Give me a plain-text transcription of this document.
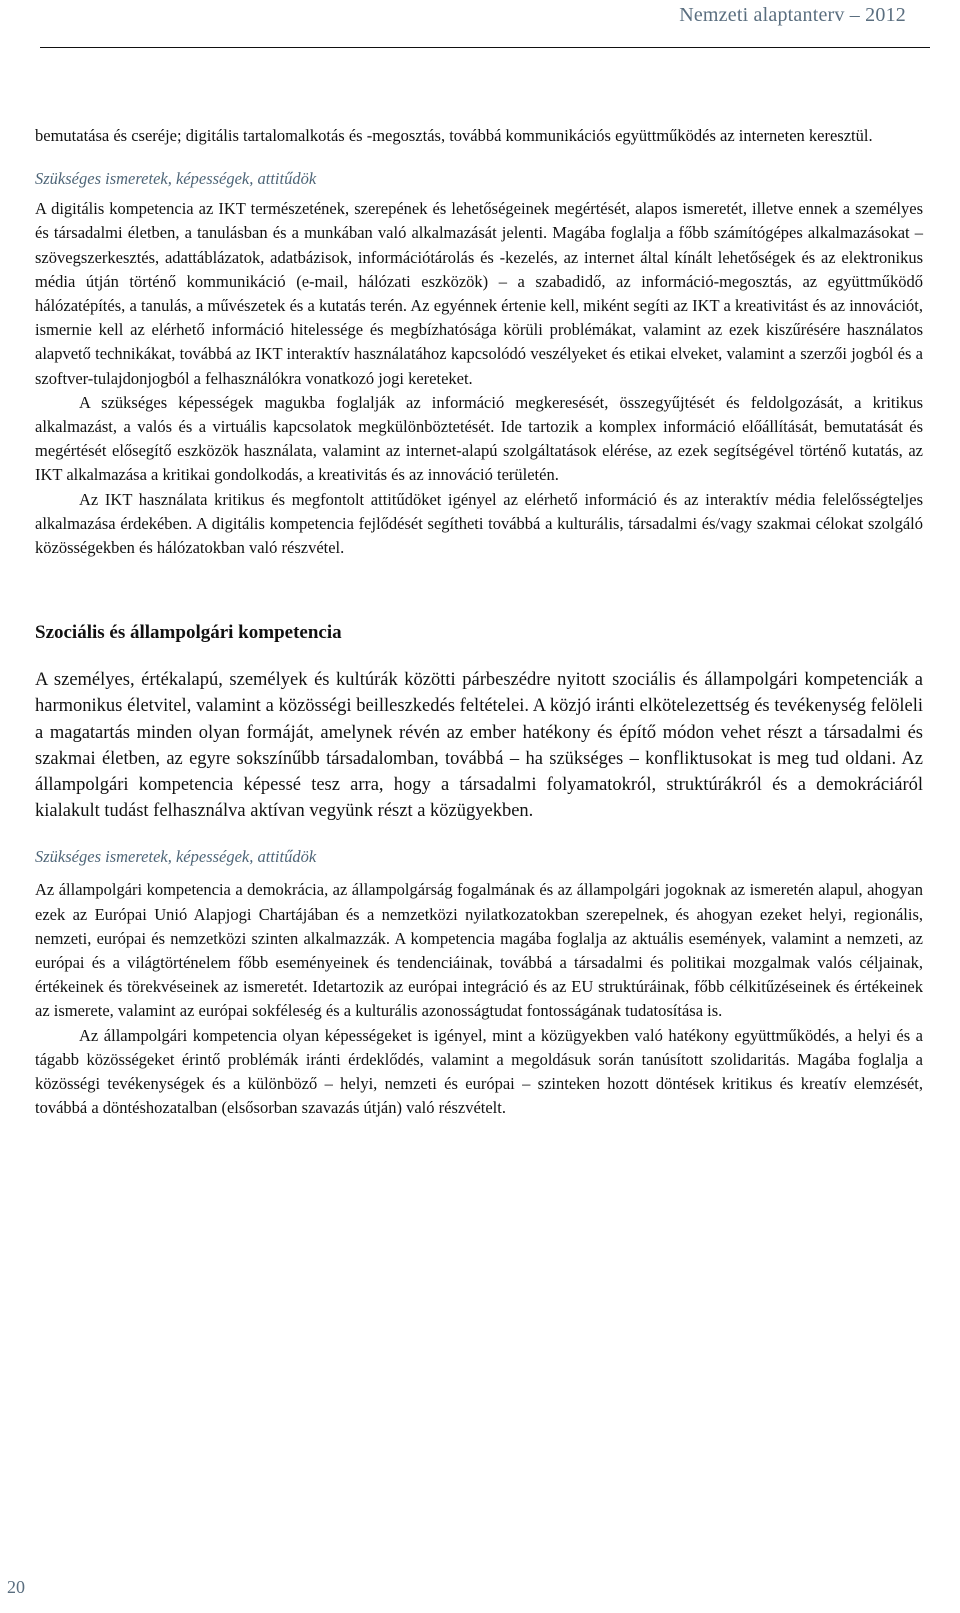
Nemzeti alaptanterv – 2012

bemutatása és cseréje; digitális tartalomalkotás és -megosztás, továbbá kommunikációs együttműködés az interneten keresztül.

Szükséges ismeretek, képességek, attitűdök

A digitális kompetencia az IKT természetének, szerepének és lehetőségeinek megértését, alapos ismeretét, illetve ennek a személyes és társadalmi életben, a tanulásban és a munkában való alkalmazását jelenti. Magába foglalja a főbb számítógépes alkalmazásokat – szövegszerkesztés, adattáblázatok, adatbázisok, információtárolás és -kezelés, az internet által kínált lehetőségek és az elektronikus média útján történő kommunikáció (e-mail, hálózati eszközök) – a szabadidő, az információ-megosztás, az együttműködő hálózatépítés, a tanulás, a művészetek és a kutatás terén. Az egyénnek értenie kell, miként segíti az IKT a kreativitást és az innovációt, ismernie kell az elérhető információ hitelessége és megbízhatósága körüli problémákat, valamint az ezek kiszűrésére használatos alapvető technikákat, továbbá az IKT interaktív használatához kapcsolódó veszélyeket és etikai elveket, valamint a szerzői jogból és a szoftver-tulajdonjogból a felhasználókra vonatkozó jogi kereteket.

A szükséges képességek magukba foglalják az információ megkeresését, összegyűjtését és feldolgozását, a kritikus alkalmazást, a valós és a virtuális kapcsolatok megkülönböztetését. Ide tartozik a komplex információ előállítását, bemutatását és megértését elősegítő eszközök használata, valamint az internet-alapú szolgáltatások elérése, az ezek segítségével történő kutatás, az IKT alkalmazása a kritikai gondolkodás, a kreativitás és az innováció területén.

Az IKT használata kritikus és megfontolt attitűdöket igényel az elérhető információ és az interaktív média felelősségteljes alkalmazása érdekében. A digitális kompetencia fejlődését segítheti továbbá a kulturális, társadalmi és/vagy szakmai célokat szolgáló közösségekben és hálózatokban való részvétel.

Szociális és állampolgári kompetencia

A személyes, értékalapú, személyek és kultúrák közötti párbeszédre nyitott szociális és állampolgári kompetenciák a harmonikus életvitel, valamint a közösségi beilleszkedés feltételei. A közjó iránti elkötelezettség és tevékenység felöleli a magatartás minden olyan formáját, amelynek révén az ember hatékony és építő módon vehet részt a társadalmi és szakmai életben, az egyre sokszínűbb társadalomban, továbbá – ha szükséges – konfliktusokat is meg tud oldani. Az állampolgári kompetencia képessé tesz arra, hogy a társadalmi folyamatokról, struktúrákról és a demokráciáról kialakult tudást felhasználva aktívan vegyünk részt a közügyekben.

Szükséges ismeretek, képességek, attitűdök

Az állampolgári kompetencia a demokrácia, az állampolgárság fogalmának és az állampolgári jogoknak az ismeretén alapul, ahogyan ezek az Európai Unió Alapjogi Chartájában és a nemzetközi nyilatkozatokban szerepelnek, és ahogyan ezeket helyi, regionális, nemzeti, európai és nemzetközi szinten alkalmazzák. A kompetencia magába foglalja az aktuális események, valamint a nemzeti, az európai és a világtörténelem főbb eseményeinek és tendenciáinak, továbbá a társadalmi és politikai mozgalmak valós céljainak, értékeinek és törekvéseinek az ismeretét. Idetartozik az európai integráció és az EU struktúráinak, főbb célkitűzéseinek és értékeinek az ismerete, valamint az európai sokféleség és a kulturális azonosságtudat fontosságának tudatosítása is.

Az állampolgári kompetencia olyan képességeket is igényel, mint a közügyekben való hatékony együttműködés, a helyi és a tágabb közösségeket érintő problémák iránti érdeklődés, valamint a megoldásuk során tanúsított szolidaritás. Magába foglalja a közösségi tevékenységek és a különböző – helyi, nemzeti és európai – szinteken hozott döntések kritikus és kreatív elemzését, továbbá a döntéshozatalban (elsősorban szavazás útján) való részvételt.

20
